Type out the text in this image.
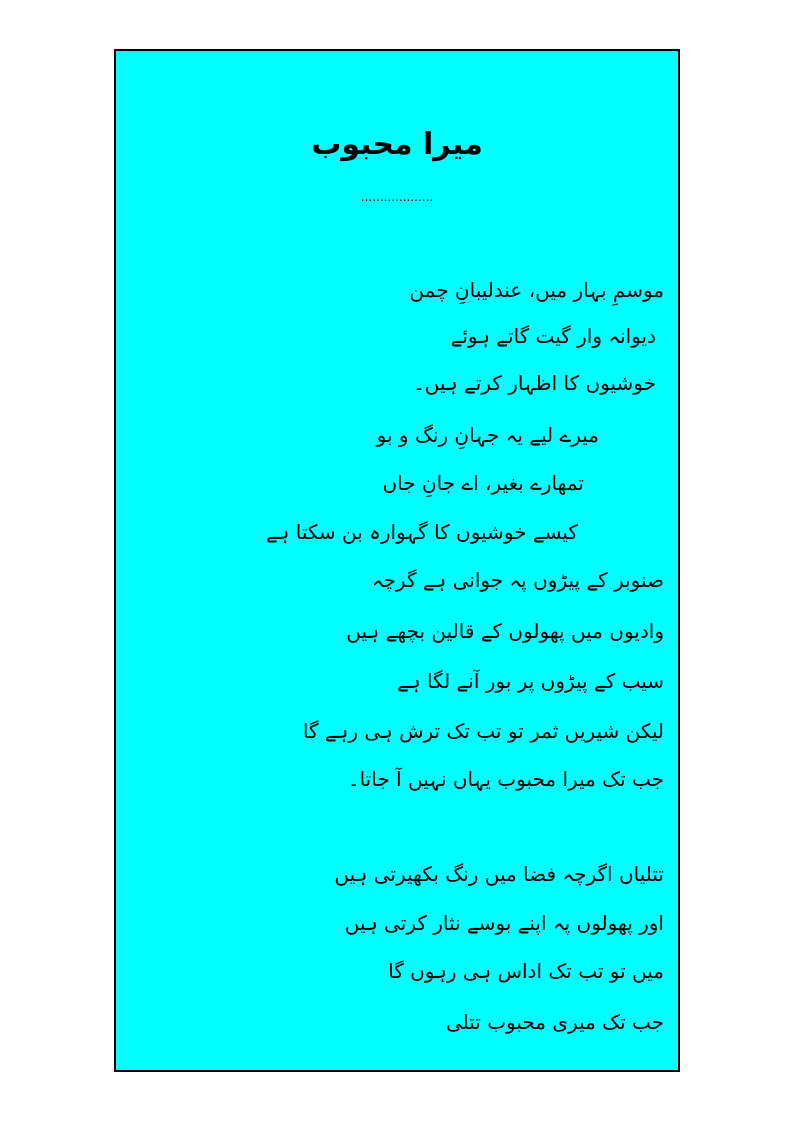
میرا محبوب
...................
موسمِ بہار میں، عندلیبانِ چمن
دیوانہ وار گیت گاتے ہوئے
خوشیوں کا اظہار کرتے ہیں۔
میرے لیے یہ جہانِ رنگ و بو
تمھارے بغیر، اے جانِ جاں
کیسے خوشیوں کا گہوارہ بن سکتا ہے
صنوبر کے پیڑوں پہ جوانی ہے گرچہ
وادیوں میں پھولوں کے قالین بچھے ہیں
سیب کے پیڑوں پر بور آنے لگا ہے
لیکن شیریں ثمر تو تب تک ترش ہی رہے گا
جب تک میرا محبوب یہاں نہیں آ جاتا۔
تتلیاں اگرچہ فضا میں رنگ بکھیرتی ہیں
اور پھولوں پہ اپنے بوسے نثار کرتی ہیں
میں تو تب تک اداس ہی رہوں گا
جب تک میری محبوب تتلی
